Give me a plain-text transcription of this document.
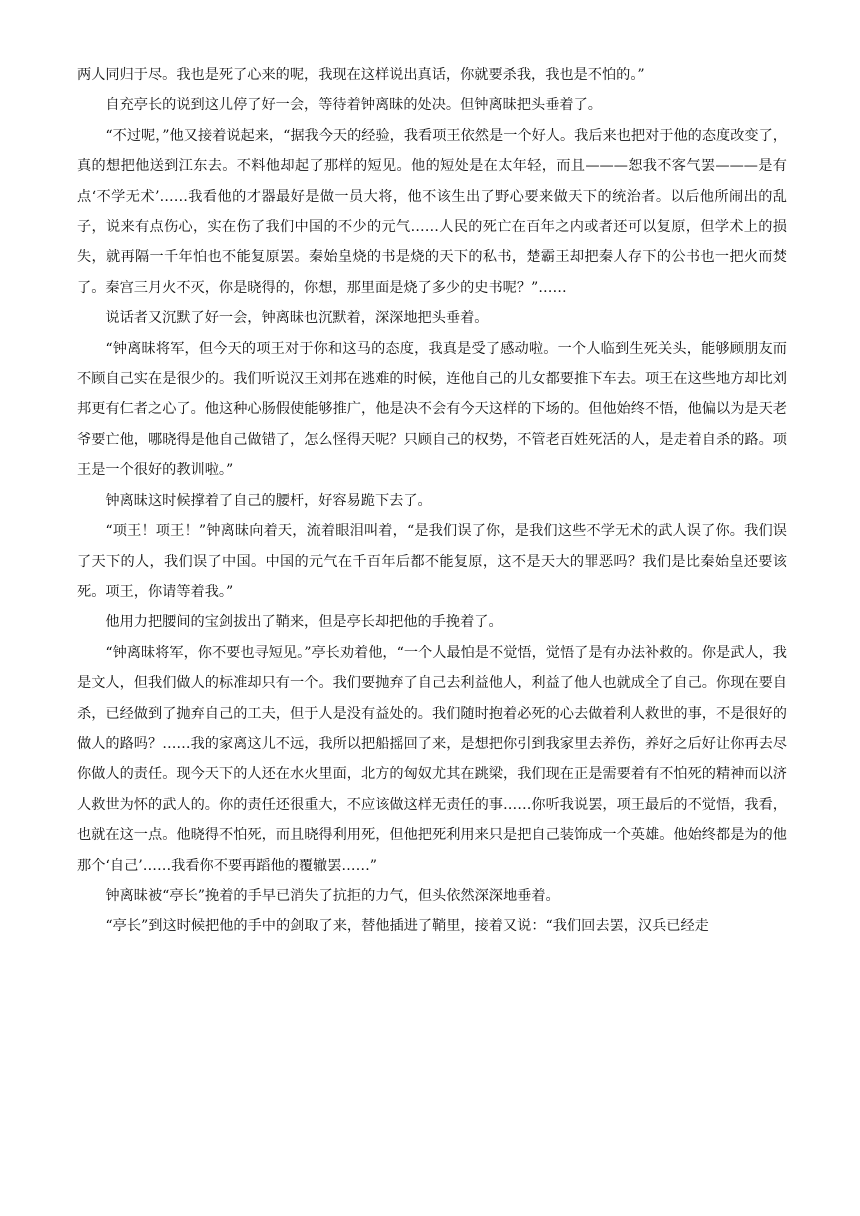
两人同归于尽。我也是死了心来的呢，我现在这样说出真话，你就要杀我，我也是不怕的。”

自充亭长的说到这儿停了好一会，等待着钟离昧的处决。但钟离昧把头垂着了。

“不过呢，”他又接着说起来，“据我今天的经验，我看项王依然是一个好人。我后来也把对于他的态度改变了，真的想把他送到江东去。不料他却起了那样的短见。他的短处是在太年轻，而且———恕我不客气罢———是有点‘不学无术’……我看他的才器最好是做一员大将，他不该生出了野心要来做天下的统治者。以后他所闹出的乱子，说来有点伤心，实在伤了我们中国的不少的元气……人民的死亡在百年之内或者还可以复原，但学术上的损失，就再隔一千年怕也不能复原罢。秦始皇烧的书是烧的天下的私书，楚霸王却把秦人存下的公书也一把火而焚了。秦宫三月火不灭，你是晓得的，你想，那里面是烧了多少的史书呢？”……

说话者又沉默了好一会，钟离昧也沉默着，深深地把头垂着。

“钟离昧将军，但今天的项王对于你和这马的态度，我真是受了感动啦。一个人临到生死关头，能够顾朋友而不顾自己实在是很少的。我们听说汉王刘邦在逃难的时候，连他自己的儿女都要推下车去。项王在这些地方却比刘邦更有仁者之心了。他这种心肠假使能够推广，他是决不会有今天这样的下场的。但他始终不悟，他偏以为是天老爷要亡他，哪晓得是他自己做错了，怎么怪得天呢？只顾自己的权势，不管老百姓死活的人，是走着自杀的路。项王是一个很好的教训啦。”

钟离昧这时候撑着了自己的腰杆，好容易跪下去了。

“项王！项王！”钟离昧向着天，流着眼泪叫着，“是我们误了你，是我们这些不学无术的武人误了你。我们误了天下的人，我们误了中国。中国的元气在千百年后都不能复原，这不是天大的罪恶吗？我们是比秦始皇还要该死。项王，你请等着我。”

他用力把腰间的宝剑拔出了鞘来，但是亭长却把他的手挽着了。

“钟离昧将军，你不要也寻短见。”亭长劝着他，“一个人最怕是不觉悟，觉悟了是有办法补救的。你是武人，我是文人，但我们做人的标准却只有一个。我们要抛弃了自己去利益他人，利益了他人也就成全了自己。你现在要自杀，已经做到了抛弃自己的工夫，但于人是没有益处的。我们随时抱着必死的心去做着利人救世的事，不是很好的做人的路吗？……我的家离这儿不远，我所以把船摇回了来，是想把你引到我家里去养伤，养好之后好让你再去尽你做人的责任。现今天下的人还在水火里面，北方的匈奴尤其在跳梁，我们现在正是需要着有不怕死的精神而以济人救世为怀的武人的。你的责任还很重大，不应该做这样无责任的事……你听我说罢，项王最后的不觉悟，我看，也就在这一点。他晓得不怕死，而且晓得利用死，但他把死利用来只是把自己装饰成一个英雄。他始终都是为的他那个‘自己’……我看你不要再蹈他的覆辙罢……”

钟离昧被“亭长”挽着的手早已消失了抗拒的力气，但头依然深深地垂着。

“亭长”到这时候把他的手中的剑取了来，替他插进了鞘里，接着又说：“我们回去罢，汉兵已经走
